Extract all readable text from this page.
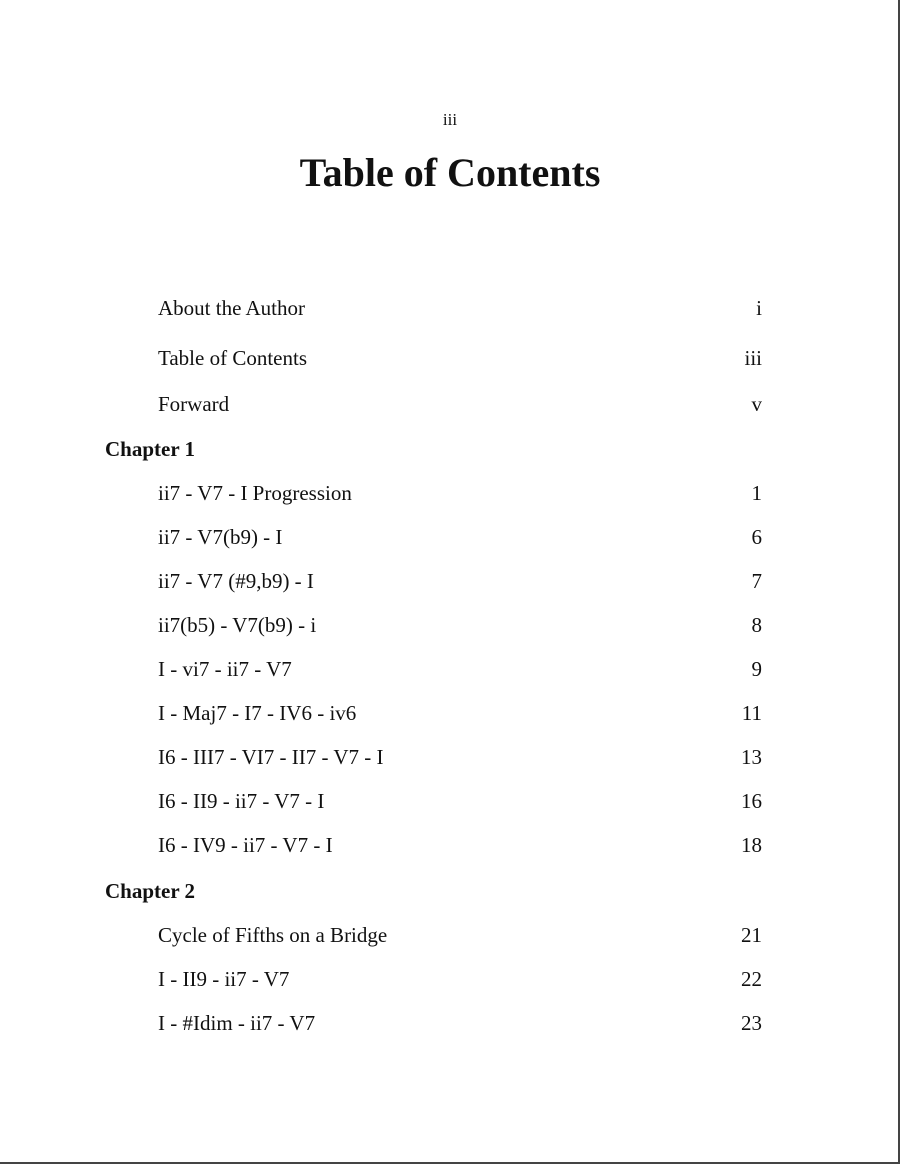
iii
Table of Contents
About the Author	i
Table of Contents	iii
Forward	v
Chapter 1
ii7 - V7 - I Progression	1
ii7 - V7(b9) - I	6
ii7 - V7 (#9,b9) - I	7
ii7(b5) - V7(b9) - i	8
I - vi7 - ii7 - V7	9
I - Maj7 - I7 - IV6 - iv6	11
I6 - III7 - VI7 - II7 - V7 - I	13
I6 - II9 - ii7 - V7 - I	16
I6 - IV9 - ii7 - V7 - I	18
Chapter 2
Cycle of Fifths on a Bridge	21
I - II9 - ii7 - V7	22
I - #Idim - ii7 - V7	23
